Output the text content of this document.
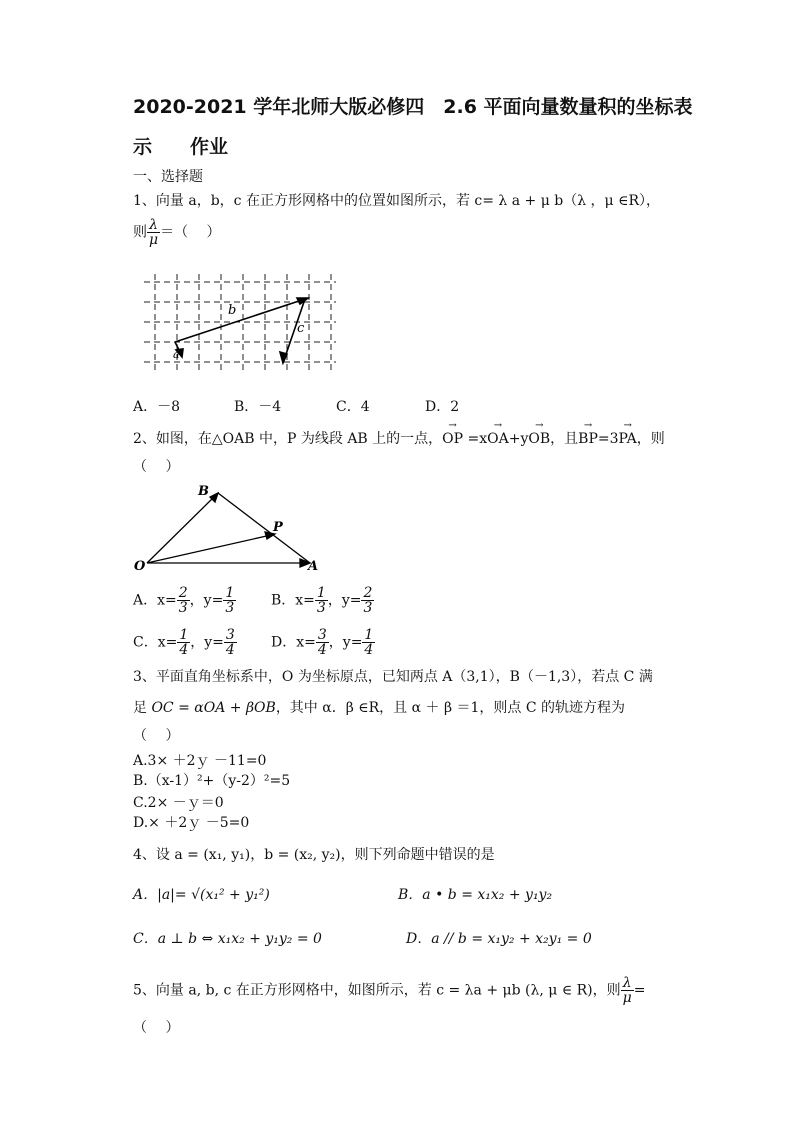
2020-2021 学年北师大版必修四　2.6 平面向量数量积的坐标表
示　　作业
一、选择题
1、向量 a，b，c 在正方形网格中的位置如图所示，若 c= λ a + μ b（λ ，μ ∈R），
则 $\frac{\lambda}{\mu}$ ＝（　 ）
b
c
a
A．－8	B．－4	C．4	D．2
2、如图，在△OAB 中，P 为线段 AB 上的一点，→ OP =x→ OA+y→ OB，且→ BP=3→ PA，则
（　 ）
B
P
O	A
A．$x= \frac{2}{3}$ ，$y= \frac{1}{3}$ B．$x= \frac{1}{3}$ ，$y= \frac{2}{3}$
C．$x= \frac{1}{4}$ ，$y= \frac{3}{4}$ D．$x= \frac{3}{4}$ ，$y= \frac{1}{4}$
3、平面直角坐标系中，O 为坐标原点，已知两点 A（3,1），B（－1,3），若点 C 满
足 OC = αOA + βOB，其中 α．β ∈R，且 α ＋ β ＝1，则点 C 的轨迹方程为
（　 ）
A.3× ＋2ｙ －11=0
B.（x-1）²+（y-2）²=5
C.2× －ｙ＝0
D.× ＋2ｙ －5=0
4、设 a = (x₁, y₁)，b = (x₂, y₂)，则下列命题中错误的是
A．|a|= √(x₁² + y₁²)	B．a • b = x₁x₂ + y₁y₂
C．a ⊥ b ⇔ x₁x₂ + y₁y₂ = 0	D．a // b = x₁y₂ + x₂y₁ = 0
5、向量 a, b, c 在正方形网格中，如图所示，若 c = λa + μb (λ, μ ∈ R)，则 $\frac{\lambda}{\mu}$ =
（　 ）
